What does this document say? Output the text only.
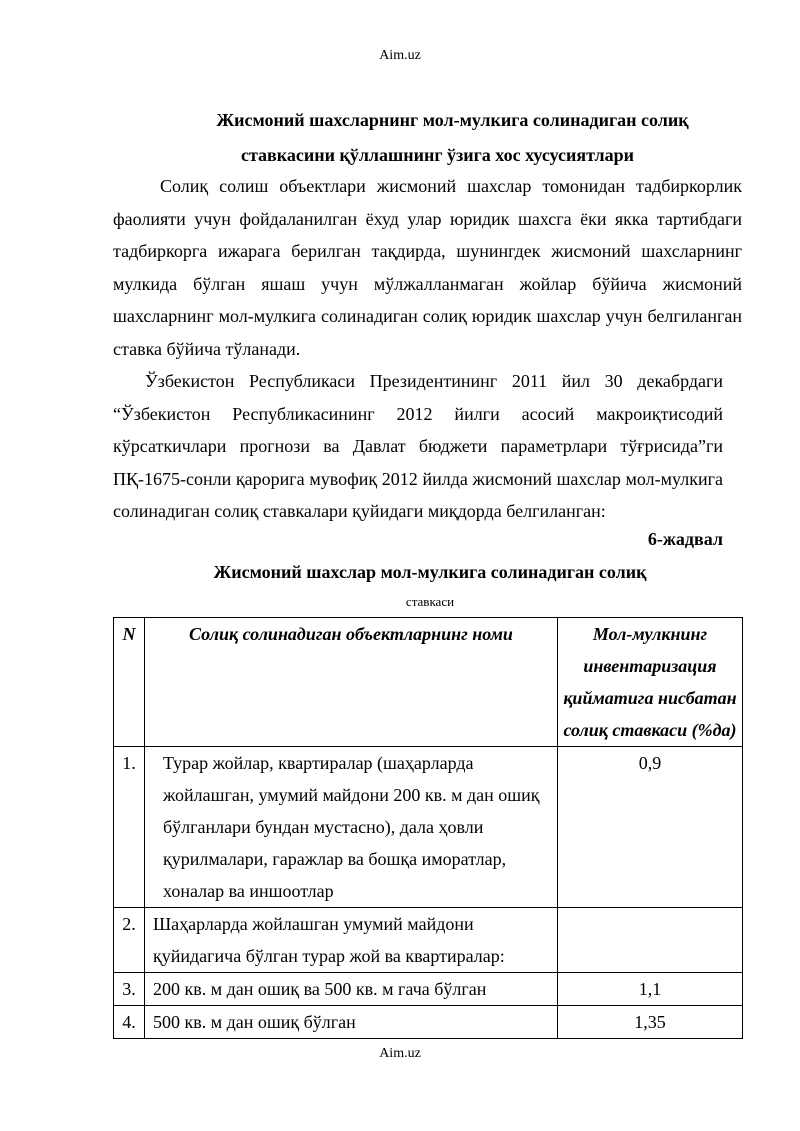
Aim.uz
Жисмоний шахсларнинг мол-мулкига солинадиган солиқ
ставкасини қўллашнинг ўзига хос хусусиятлари
Солиқ солиш объектлари жисмоний шахслар томонидан тадбиркорлик фаолияти учун фойдаланилган ёхуд улар юридик шахсга ёки якка тартибдаги тадбиркорга ижарага берилган тақдирда, шунингдек жисмоний шахсларнинг мулкида бўлган яшаш учун мўлжалланмаган жойлар бўйича жисмоний шахсларнинг мол-мулкига солинадиган солиқ юридик шахслар учун белгиланган ставка бўйича тўланади.
Ўзбекистон Республикаси Президентининг 2011 йил 30 декабрдаги “Ўзбекистон Республикасининг 2012 йилги асосий макроиқтисодий кўрсаткичлари прогнози ва Давлат бюджети параметрлари тўғрисида”ги ПҚ-1675-сонли қарорига мувофиқ 2012 йилда жисмоний шахслар мол-мулкига солинадиган солиқ ставкалари қуйидаги миқдорда белгиланган:
6-жадвал
Жисмоний шахслар мол-мулкига солинадиган солиқ
ставкаси
N	Солиқ солинадиган объектларнинг номи	Мол-мулкнинг инвентаризация қийматига нисбатан солиқ ставкаси (%да)
1.	Турар жойлар, квартиралар (шаҳарларда жойлашган, умумий майдони 200 кв. м дан ошиқ бўлганлари бундан мустасно), дала ҳовли қурилмалари, гаражлар ва бошқа иморатлар, хоналар ва иншоотлар	0,9
2.	Шаҳарларда жойлашган умумий майдони қуйидагича бўлган турар жой ва квартиралар:	
3.	200 кв. м дан ошиқ ва 500 кв. м гача бўлган	1,1
4.	500 кв. м дан ошиқ бўлган	1,35
Aim.uz
